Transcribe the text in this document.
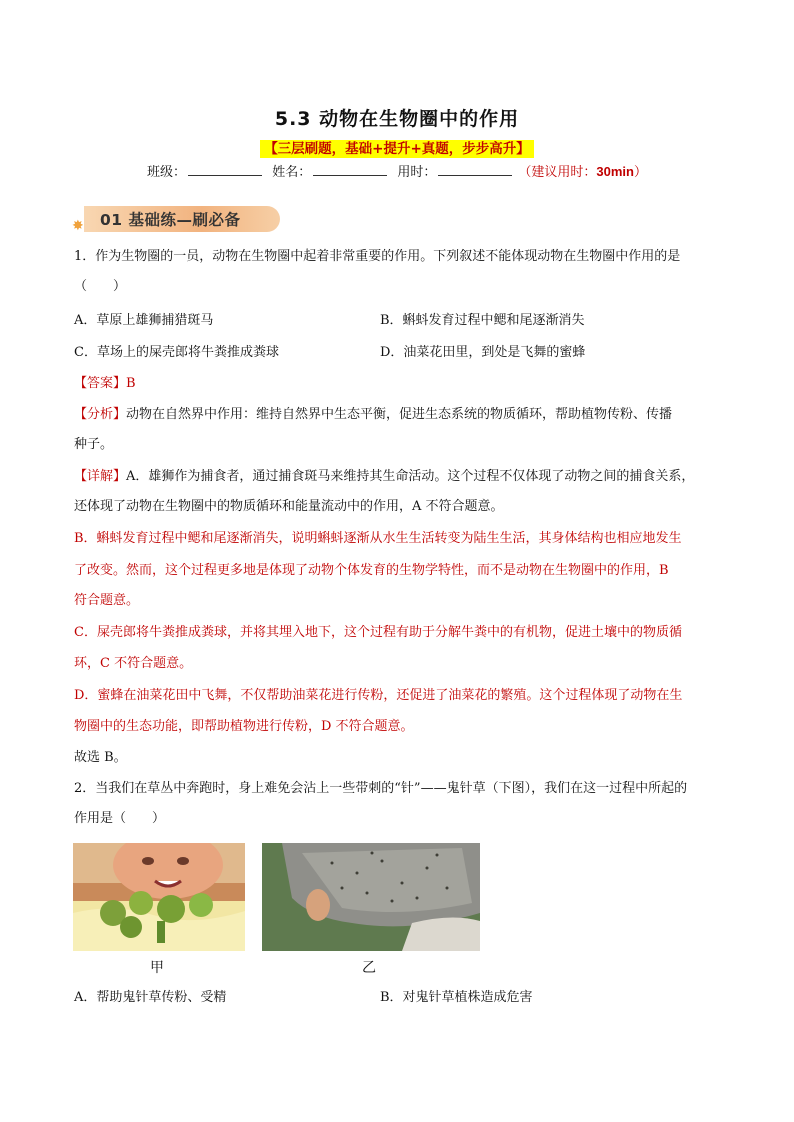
5.3 动物在生物圈中的作用
【三层刷题，基础+提升+真题，步步高升】
班级：	姓名：	用时：	（建议用时：30min）
✸ 01 基础练—刷必备
1．作为生物圈的一员，动物在生物圈中起着非常重要的作用。下列叙述不能体现动物在生物圈中作用的是
（　　）
A．草原上雄狮捕猎斑马	B．蝌蚪发育过程中鳃和尾逐渐消失
C．草场上的屎壳郎将牛粪推成粪球	D．油菜花田里，到处是飞舞的蜜蜂
【答案】B
【分析】动物在自然界中作用：维持自然界中生态平衡，促进生态系统的物质循环，帮助植物传粉、传播
种子。
【详解】A．雄狮作为捕食者，通过捕食斑马来维持其生命活动。这个过程不仅体现了动物之间的捕食关系，
还体现了动物在生物圈中的物质循环和能量流动中的作用，A 不符合题意。
B．蝌蚪发育过程中鳃和尾逐渐消失，说明蝌蚪逐渐从水生生活转变为陆生生活，其身体结构也相应地发生
了改变。然而，这个过程更多地是体现了动物个体发育的生物学特性，而不是动物在生物圈中的作用，B
符合题意。
C．屎壳郎将牛粪推成粪球，并将其埋入地下，这个过程有助于分解牛粪中的有机物，促进土壤中的物质循
环，C 不符合题意。
D．蜜蜂在油菜花田中飞舞，不仅帮助油菜花进行传粉，还促进了油菜花的繁殖。这个过程体现了动物在生
物圈中的生态功能，即帮助植物进行传粉，D 不符合题意。
故选 B。
2．当我们在草丛中奔跑时，身上难免会沾上一些带刺的“针”——鬼针草（下图），我们在这一过程中所起的
作用是（　　）
甲	乙
A．帮助鬼针草传粉、受精	B．对鬼针草植株造成危害
